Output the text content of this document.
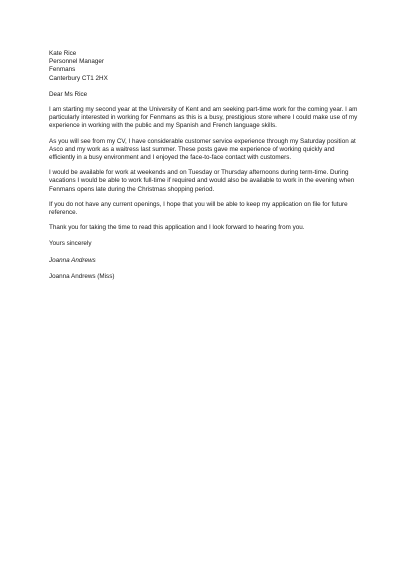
Kate Rice
Personnel Manager
Fenmans
Canterbury CT1 2HX

Dear Ms Rice

I am starting my second year at the University of Kent and am seeking part-time work for the coming year. I am particularly interested in working for Fenmans as this is a busy, prestigious store where I could make use of my experience in working with the public and my Spanish and French language skills.

As you will see from my CV, I have considerable customer service experience through my Saturday position at Asco and my work as a waitress last summer. These posts gave me experience of working quickly and efficiently in a busy environment and I enjoyed the face-to-face contact with customers.

I would be available for work at weekends and on Tuesday or Thursday afternoons during term-time. During vacations I would be able to work full-time if required and would also be available to work in the evening when Fenmans opens late during the Christmas shopping period.

If you do not have any current openings, I hope that you will be able to keep my application on file for future reference.

Thank you for taking the time to read this application and I look forward to hearing from you.

Yours sincerely

Joanna Andrews

Joanna Andrews (Miss)
